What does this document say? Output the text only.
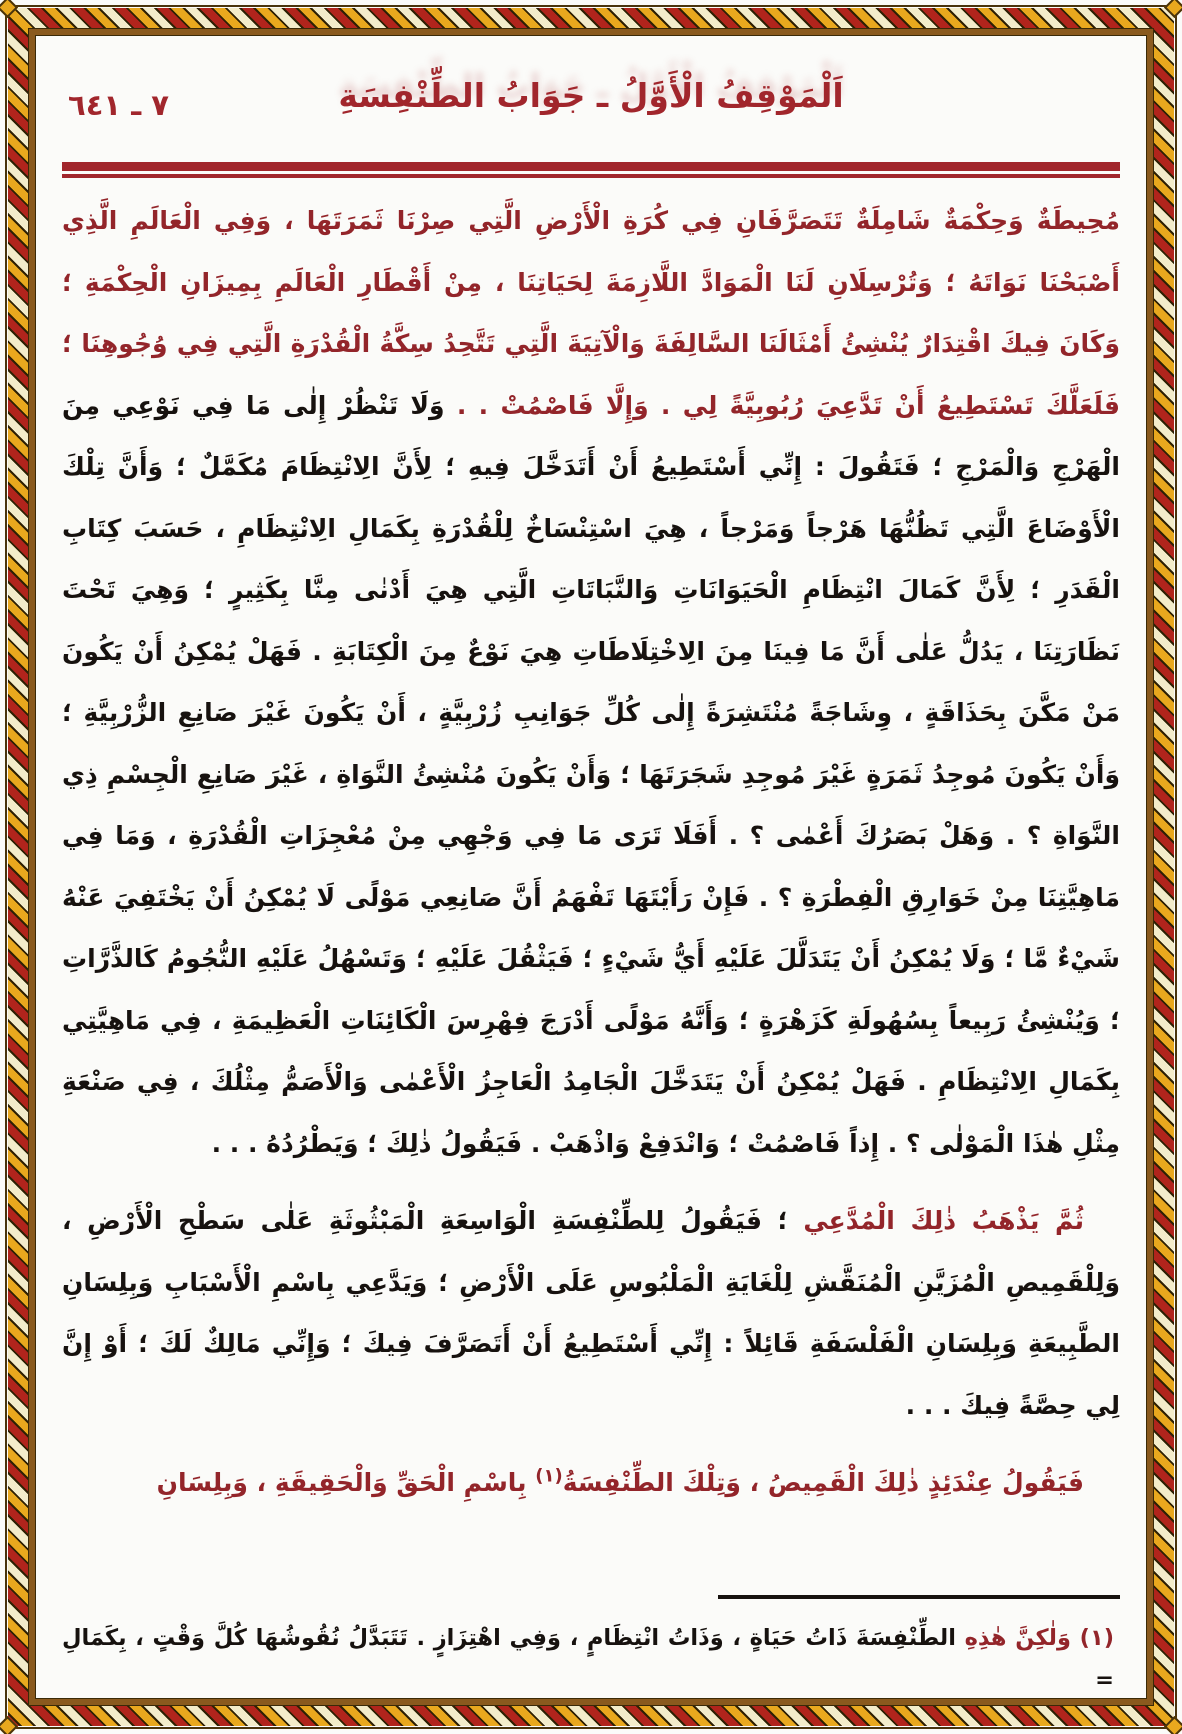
٧ ـ ٦٤١	اَلْمَوْقِفُ الْأَوَّلُ ـ جَوَابُ الطِّنْفِسَةِ

مُحِيطَةٌ وَحِكْمَةٌ شَامِلَةٌ تَتَصَرَّفَانِ فِي كُرَةِ الْأَرْضِ الَّتِي صِرْنَا ثَمَرَتَهَا ، وَفِي الْعَالَمِ الَّذِي أَصْبَحْنَا نَوَاتَهُ ؛ وَتُرْسِلَانِ لَنَا الْمَوَادَّ اللَّازِمَةَ لِحَيَاتِنَا ، مِنْ أَقْطَارِ الْعَالَمِ بِمِيزَانِ الْحِكْمَةِ ؛ وَكَانَ فِيكَ اقْتِدَارٌ يُنْشِئُ أَمْثَالَنَا السَّالِفَةَ وَالْآتِيَةَ الَّتِي تَتَّحِدُ سِكَّةُ الْقُدْرَةِ الَّتِي فِي وُجُوهِنَا ؛ فَلَعَلَّكَ تَسْتَطِيعُ أَنْ تَدَّعِيَ رُبُوبِيَّةً لِي . وَإِلَّا فَاصْمُتْ . . وَلَا تَنْظُرْ إِلٰى مَا فِي نَوْعِي مِنَ الْهَرْجِ وَالْمَرْجِ ؛ فَتَقُولَ : إِنِّي أَسْتَطِيعُ أَنْ أَتَدَخَّلَ فِيهِ ؛ لِأَنَّ الِانْتِظَامَ مُكَمَّلٌ ؛ وَأَنَّ تِلْكَ الْأَوْضَاعَ الَّتِي تَظُنُّهَا هَرْجاً وَمَرْجاً ، هِيَ اسْتِنْسَاخٌ لِلْقُدْرَةِ بِكَمَالِ الِانْتِظَامِ ، حَسَبَ كِتَابِ الْقَدَرِ ؛ لِأَنَّ كَمَالَ انْتِظَامِ الْحَيَوَانَاتِ وَالنَّبَاتَاتِ الَّتِي هِيَ أَدْنٰى مِنَّا بِكَثِيرٍ ؛ وَهِيَ تَحْتَ نَظَارَتِنَا ، يَدُلُّ عَلٰى أَنَّ مَا فِينَا مِنَ الِاخْتِلَاطَاتِ هِيَ نَوْعٌ مِنَ الْكِتَابَةِ . فَهَلْ يُمْكِنُ أَنْ يَكُونَ مَنْ مَكَّنَ بِحَذَاقَةٍ ، وِشَاجَةً مُنْتَشِرَةً إِلٰى كُلِّ جَوَانِبِ زُرْبِيَّةٍ ، أَنْ يَكُونَ غَيْرَ صَانِعِ الزُّرْبِيَّةِ ؛ وَأَنْ يَكُونَ مُوجِدُ ثَمَرَةٍ غَيْرَ مُوجِدِ شَجَرَتَهَا ؛ وَأَنْ يَكُونَ مُنْشِئُ النَّوَاةِ ، غَيْرَ صَانِعِ الْجِسْمِ ذِي النَّوَاةِ ؟ . وَهَلْ بَصَرُكَ أَعْمٰى ؟ . أَفَلَا تَرَى مَا فِي وَجْهِي مِنْ مُعْجِزَاتِ الْقُدْرَةِ ، وَمَا فِي مَاهِيَّتِنَا مِنْ خَوَارِقِ الْفِطْرَةِ ؟ . فَإِنْ رَأَيْتَهَا تَفْهَمُ أَنَّ صَانِعِي مَوْلًى لَا يُمْكِنُ أَنْ يَخْتَفِيَ عَنْهُ شَيْءٌ مَّا ؛ وَلَا يُمْكِنُ أَنْ يَتَدَلَّلَ عَلَيْهِ أَيُّ شَيْءٍ ؛ فَيَثْقُلَ عَلَيْهِ ؛ وَتَسْهُلُ عَلَيْهِ النُّجُومُ كَالذَّرَّاتِ ؛ وَيُنْشِئُ رَبِيعاً بِسُهُولَةِ كَزَهْرَةٍ ؛ وَأَنَّهُ مَوْلًى أَدْرَجَ فِهْرِسَ الْكَائِنَاتِ الْعَظِيمَةِ ، فِي مَاهِيَّتِي بِكَمَالِ الِانْتِظَامِ . فَهَلْ يُمْكِنُ أَنْ يَتَدَخَّلَ الْجَامِدُ الْعَاجِزُ الْأَعْمٰى وَالْأَصَمُّ مِثْلُكَ ، فِي صَنْعَةِ مِثْلِ هٰذَا الْمَوْلٰى ؟ . إِذاً فَاصْمُتْ ؛ وَانْدَفِعْ وَاذْهَبْ . فَيَقُولُ ذٰلِكَ ؛ وَيَطْرُدُهُ . . .

ثُمَّ يَذْهَبُ ذٰلِكَ الْمُدَّعِي ؛ فَيَقُولُ لِلطِّنْفِسَةِ الْوَاسِعَةِ الْمَبْثُوثَةِ عَلٰى سَطْحِ الْأَرْضِ ، وَلِلْقَمِيصِ الْمُزَيَّنِ الْمُنَقَّشِ لِلْغَايَةِ الْمَلْبُوسِ عَلَى الْأَرْضِ ؛ وَيَدَّعِي بِاسْمِ الْأَسْبَابِ وَبِلِسَانِ الطَّبِيعَةِ وَبِلِسَانِ الْفَلْسَفَةِ قَائِلاً : إِنِّي أَسْتَطِيعُ أَنْ أَتَصَرَّفَ فِيكَ ؛ وَإِنِّي مَالِكٌ لَكَ ؛ أَوْ إِنَّ لِي حِصَّةً فِيكَ . . .

فَيَقُولُ عِنْدَئِذٍ ذٰلِكَ الْقَمِيصُ ، وَتِلْكَ الطِّنْفِسَةُ$^{(١)}$ بِاسْمِ الْحَقِّ وَالْحَقِيقَةِ ، وَبِلِسَانِ

(١) وَلٰكِنَّ هٰذِهِ الطِّنْفِسَةَ ذَاتُ حَيَاةٍ ، وَذَاتُ انْتِظَامٍ ، وَفِي اهْتِزَازٍ . تَتَبَدَّلُ نُقُوشُهَا كُلَّ وَقْتٍ ، بِكَمَالِ =
